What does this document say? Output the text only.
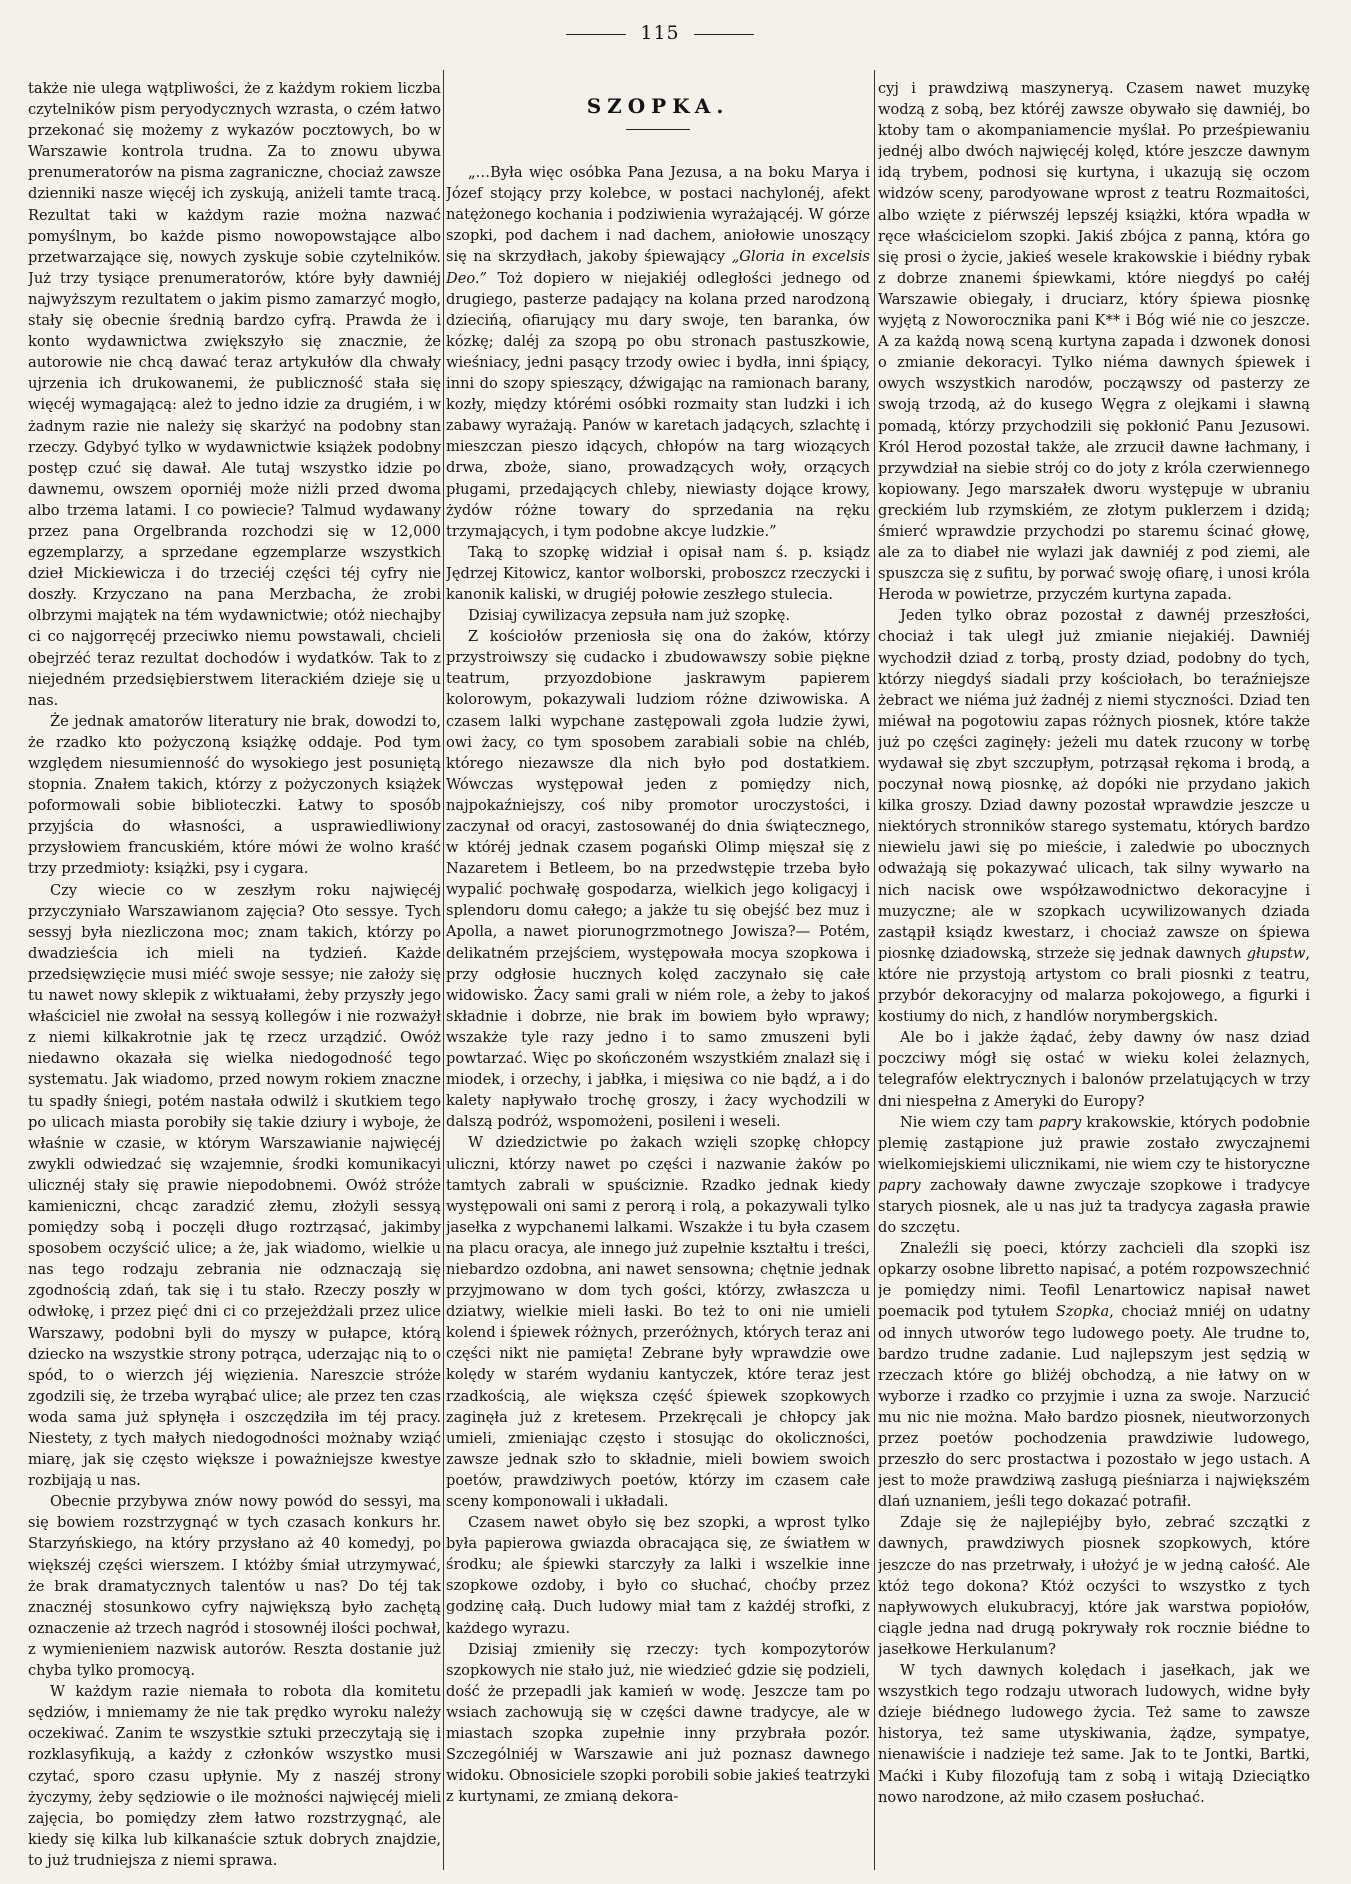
115

także nie ulega wątpliwości, że z każdym rokiem liczba czytelników pism peryodycznych wzrasta, o czém łatwo przekonać się możemy z wykazów pocztowych, bo w Warszawie kontrola trudna. Za to znowu ubywa prenumeratorów na pisma zagraniczne, chociaż zawsze dzienniki nasze więcéj ich zyskują, aniżeli tamte tracą. Rezultat taki w każdym razie można nazwać pomyślnym, bo każde pismo nowopowstające albo przetwarzające się, nowych zyskuje sobie czytelników. Już trzy tysiące prenumeratorów, które były dawniéj najwyższym rezultatem o jakim pismo zamarzyć mogło, stały się obecnie średnią bardzo cyfrą. Prawda że i konto wydawnictwa zwiększyło się znacznie, że autorowie nie chcą dawać teraz artykułów dla chwały ujrzenia ich drukowanemi, że publiczność stała się więcéj wymagającą: ależ to jedno idzie za drugiém, i w żadnym razie nie należy się skarżyć na podobny stan rzeczy. Gdybyć tylko w wydawnictwie książek podobny postęp czuć się dawał. Ale tutaj wszystko idzie po dawnemu, owszem oporniéj może niżli przed dwoma albo trzema latami. I co powiecie? Talmud wydawany przez pana Orgelbranda rozchodzi się w 12,000 egzemplarzy, a sprzedane egzemplarze wszystkich dzieł Mickiewicza i do trzeciéj części téj cyfry nie doszły. Krzyczano na pana Merzbacha, że zrobi olbrzymi majątek na tém wydawnictwie; otóż niechajby ci co najgorręcéj przeciwko niemu powstawali, chcieli obejrzéć teraz rezultat dochodów i wydatków. Tak to z niejedném przedsiębierstwem literackiém dzieje się u nas.

Że jednak amatorów literatury nie brak, dowodzi to, że rzadko kto pożyczoną książkę oddaje. Pod tym względem niesumienność do wysokiego jest posuniętą stopnia. Znałem takich, którzy z pożyczonych książek poformowali sobie biblioteczki. Łatwy to sposób przyjścia do własności, a usprawiedliwiony przysłowiem francuskiém, które mówi że wolno kraść trzy przedmioty: książki, psy i cygara.

Czy wiecie co w zeszłym roku najwięcéj przyczyniało Warszawianom zajęcia? Oto sessye. Tych sessyj była niezliczona moc; znam takich, którzy po dwadzieścia ich mieli na tydzień. Każde przedsięwzięcie musi miéć swoje sessye; nie założy się tu nawet nowy sklepik z wiktuałami, żeby przyszły jego właściciel nie zwołał na sessyą kollegów i nie rozważył z niemi kilkakrotnie jak tę rzecz urządzić. Owóż niedawno okazała się wielka niedogodność tego systematu. Jak wiadomo, przed nowym rokiem znaczne tu spadły śniegi, potém nastała odwilż i skutkiem tego po ulicach miasta porobiły się takie dziury i wyboje, że właśnie w czasie, w którym Warszawianie najwięcéj zwykli odwiedzać się wzajemnie, środki komunikacyi ulicznéj stały się prawie niepodobnemi. Owóż stróże kamieniczni, chcąc zaradzić złemu, złożyli sessyą pomiędzy sobą i poczęli długo roztrząsać, jakimby sposobem oczyścić ulice; a że, jak wiadomo, wielkie u nas tego rodzaju zebrania nie odznaczają się zgodnością zdań, tak się i tu stało. Rzeczy poszły w odwłokę, i przez pięć dni ci co przejeżdżali przez ulice Warszawy, podobni byli do myszy w pułapce, którą dziecko na wszystkie strony potrąca, uderzając nią to o spód, to o wierzch jéj więzienia. Nareszcie stróże zgodzili się, że trzeba wyrąbać ulice; ale przez ten czas woda sama już spłynęła i oszczędziła im téj pracy. Niestety, z tych małych niedogodności możnaby wziąć miarę, jak się często większe i poważniejsze kwestye rozbijają u nas.

Obecnie przybywa znów nowy powód do sessyi, ma się bowiem rozstrzygnąć w tych czasach konkurs hr. Starzyńskiego, na który przysłano aż 40 komedyj, po większéj części wierszem. I któżby śmiał utrzymywać, że brak dramatycznych talentów u nas? Do téj tak znacznéj stosunkowo cyfry największą było zachętą oznaczenie aż trzech nagród i stosownéj ilości pochwał, z wymienieniem nazwisk autorów. Reszta dostanie już chyba tylko promocyą.

W każdym razie niemała to robota dla komitetu sędziów, i mniemamy że nie tak prędko wyroku należy oczekiwać. Zanim te wszystkie sztuki przeczytają się i rozklasyfikują, a każdy z członków wszystko musi czytać, sporo czasu upłynie. My z naszéj strony życzymy, żeby sędziowie o ile możności najwięcéj mieli zajęcia, bo pomiędzy złem łatwo rozstrzygnąć, ale kiedy się kilka lub kilkanaście sztuk dobrych znajdzie, to już trudniejsza z niemi sprawa.

SZOPKA.

„…Była więc osóbka Pana Jezusa, a na boku Marya i Józef stojący przy kolebce, w postaci nachylonéj, afekt natężonego kochania i podziwienia wyrażającéj. W górze szopki, pod dachem i nad dachem, aniołowie unoszący się na skrzydłach, jakoby śpiewający „Gloria in excelsis Deo.” Toż dopiero w niejakiéj odległości jednego od drugiego, pasterze padający na kolana przed narodzoną dziecińą, ofiarujący mu dary swoje, ten baranka, ów kózkę; daléj za szopą po obu stronach pastuszkowie, wieśniacy, jedni pasący trzody owiec i bydła, inni śpiący, inni do szopy spieszący, dźwigając na ramionach barany, kozły, między którémi osóbki rozmaity stan ludzki i ich zabawy wyrażają. Panów w karetach jadących, szlachtę i mieszczan pieszo idących, chłopów na targ wiozących drwa, zboże, siano, prowadzących woły, orzących pługami, przedających chleby, niewiasty dojące krowy, żydów różne towary do sprzedania na ręku trzymających, i tym podobne akcye ludzkie.”

Taką to szopkę widział i opisał nam ś. p. ksiądz Jędrzej Kitowicz, kantor wolborski, proboszcz rzeczycki i kanonik kaliski, w drugiéj połowie zeszłego stulecia.

Dzisiaj cywilizacya zepsuła nam już szopkę.

Z kościołów przeniosła się ona do żaków, którzy przystroiwszy się cudacko i zbudowawszy sobie piękne teatrum, przyozdobione jaskrawym papierem kolorowym, pokazywali ludziom różne dziwowiska. A czasem lalki wypchane zastępowali zgoła ludzie żywi, owi żacy, co tym sposobem zarabiali sobie na chléb, którego niezawsze dla nich było pod dostatkiem. Wówczas występował jeden z pomiędzy nich, najpokaźniejszy, coś niby promotor uroczystości, i zaczynał od oracyi, zastosowanéj do dnia świątecznego, w któréj jednak czasem pogański Olimp mięszał się z Nazaretem i Betleem, bo na przedwstępie trzeba było wypalić pochwałę gospodarza, wielkich jego koligacyj i splendoru domu całego; a jakże tu się obejść bez muz i Apolla, a nawet piorunogrzmotnego Jowisza?— Potém, delikatném przejściem, występowała mocya szopkowa i przy odgłosie hucznych kolęd zaczynało się całe widowisko. Żacy sami grali w niém role, a żeby to jakoś składnie i dobrze, nie brak im bowiem było wprawy; wszakże tyle razy jedno i to samo zmuszeni byli powtarzać. Więc po skończoném wszystkiém znalazł się i miodek, i orzechy, i jabłka, i mięsiwa co nie bądź, a i do kalety napływało trochę groszy, i żacy wychodzili w dalszą podróż, wspomożeni, posileni i weseli.

W dziedzictwie po żakach wzięli szopkę chłopcy uliczni, którzy nawet po części i nazwanie żaków po tamtych zabrali w spuściznie. Rzadko jednak kiedy występowali oni sami z perorą i rolą, a pokazywali tylko jasełka z wypchanemi lalkami. Wszakże i tu była czasem na placu oracya, ale innego już zupełnie kształtu i treści, niebardzo ozdobna, ani nawet sensowna; chętnie jednak przyjmowano w dom tych gości, którzy, zwłaszcza u dziatwy, wielkie mieli łaski. Bo też to oni nie umieli kolend i śpiewek różnych, przeróżnych, których teraz ani części nikt nie pamięta! Zebrane były wprawdzie owe kolędy w starém wydaniu kantyczek, które teraz jest rzadkością, ale większa część śpiewek szopkowych zaginęła już z kretesem. Przekręcali je chłopcy jak umieli, zmieniając często i stosując do okoliczności, zawsze jednak szło to składnie, mieli bowiem swoich poetów, prawdziwych poetów, którzy im czasem całe sceny komponowali i układali.

Czasem nawet obyło się bez szopki, a wprost tylko była papierowa gwiazda obracająca się, ze światłem w środku; ale śpiewki starczyły za lalki i wszelkie inne szopkowe ozdoby, i było co słuchać, choćby przez godzinę całą. Duch ludowy miał tam z każdéj strofki, z każdego wyrazu.

Dzisiaj zmieniły się rzeczy: tych kompozytorów szopkowych nie stało już, nie wiedzieć gdzie się podzieli, dość że przepadli jak kamień w wodę. Jeszcze tam po wsiach zachowują się w części dawne tradycye, ale w miastach szopka zupełnie inny przybrała pozór. Szczególniéj w Warszawie ani już poznasz dawnego widoku. Obnosiciele szopki porobili sobie jakieś teatrzyki z kurtynami, ze zmianą dekora-

cyj i prawdziwą maszyneryą. Czasem nawet muzykę wodzą z sobą, bez któréj zawsze obywało się dawniéj, bo ktoby tam o akompaniamencie myślał. Po prześpiewaniu jednéj albo dwóch najwięcéj kolęd, które jeszcze dawnym idą trybem, podnosi się kurtyna, i ukazują się oczom widzów sceny, parodyowane wprost z teatru Rozmaitości, albo wzięte z piérwszéj lepszéj książki, która wpadła w ręce właścicielom szopki. Jakiś zbójca z panną, która go się prosi o życie, jakieś wesele krakowskie i biédny rybak z dobrze znanemi śpiewkami, które niegdyś po całéj Warszawie obiegały, i druciarz, który śpiewa piosnkę wyjętą z Noworocznika pani K** i Bóg wié nie co jeszcze. A za każdą nową sceną kurtyna zapada i dzwonek donosi o zmianie dekoracyi. Tylko niéma dawnych śpiewek i owych wszystkich narodów, począwszy od pasterzy ze swoją trzodą, aż do kusego Węgra z olejkami i sławną pomadą, którzy przychodzili się pokłonić Panu Jezusowi. Król Herod pozostał także, ale zrzucił dawne łachmany, i przywdział na siebie strój co do joty z króla czerwiennego kopiowany. Jego marszałek dworu występuje w ubraniu greckiém lub rzymskiém, ze złotym puklerzem i dzidą; śmierć wprawdzie przychodzi po staremu ścinać głowę, ale za to diabeł nie wylazi jak dawniéj z pod ziemi, ale spuszcza się z sufitu, by porwać swoję ofiarę, i unosi króla Heroda w powietrze, przyczém kurtyna zapada.

Jeden tylko obraz pozostał z dawnéj przeszłości, chociaż i tak uległ już zmianie niejakiéj. Dawniéj wychodził dziad z torbą, prosty dziad, podobny do tych, którzy niegdyś siadali przy kościołach, bo teraźniejsze żebract we niéma już żadnéj z niemi styczności. Dziad ten miéwał na pogotowiu zapas różnych piosnek, które także już po części zaginęły: jeżeli mu datek rzucony w torbę wydawał się zbyt szczupłym, potrząsał rękoma i brodą, a poczynał nową piosnkę, aż dopóki nie przydano jakich kilka groszy. Dziad dawny pozostał wprawdzie jeszcze u niektórych stronników starego systematu, których bardzo niewielu jawi się po mieście, i zaledwie po ubocznych odważają się pokazywać ulicach, tak silny wywarło na nich nacisk owe współzawodnictwo dekoracyjne i muzyczne; ale w szopkach ucywilizowanych dziada zastąpił ksiądz kwestarz, i chociaż zawsze on śpiewa piosnkę dziadowską, strzeże się jednak dawnych głupstw, które nie przystoją artystom co brali piosnki z teatru, przybór dekoracyjny od malarza pokojowego, a figurki i kostiumy do nich, z handlów norymbergskich.

Ale bo i jakże żądać, żeby dawny ów nasz dziad poczciwy mógł się ostać w wieku kolei żelaznych, telegrafów elektrycznych i balonów przelatujących w trzy dni niespełna z Ameryki do Europy?

Nie wiem czy tam papry krakowskie, których podobnie plemię zastąpione już prawie zostało zwyczajnemi wielkomiejskiemi ulicznikami, nie wiem czy te historyczne papry zachowały dawne zwyczaje szopkowe i tradycye starych piosnek, ale u nas już ta tradycya zagasła prawie do szczętu.

Znaleźli się poeci, którzy zachcieli dla szopki isz opkarzy osobne libretto napisać, a potém rozpowszechnić je pomiędzy nimi. Teofil Lenartowicz napisał nawet poemacik pod tytułem Szopka, chociaż mniéj on udatny od innych utworów tego ludowego poety. Ale trudne to, bardzo trudne zadanie. Lud najlepszym jest sędzią w rzeczach które go bliżéj obchodzą, a nie łatwy on w wyborze i rzadko co przyjmie i uzna za swoje. Narzucić mu nic nie można. Mało bardzo piosnek, nieutworzonych przez poetów pochodzenia prawdziwie ludowego, przeszło do serc prostactwa i pozostało w jego ustach. A jest to może prawdziwą zasługą pieśniarza i największém dlań uznaniem, jeśli tego dokazać potrafił.

Zdaje się że najlepiéjby było, zebrać szczątki z dawnych, prawdziwych piosnek szopkowych, które jeszcze do nas przetrwały, i ułożyć je w jedną całość. Ale któż tego dokona? Któż oczyści to wszystko z tych napływowych elukubracyj, które jak warstwa popiołów, ciągle jedna nad drugą pokrywały rok rocznie biédne to jasełkowe Herkulanum?

W tych dawnych kolędach i jasełkach, jak we wszystkich tego rodzaju utworach ludowych, widne były dzieje biédnego ludowego życia. Też same to zawsze historya, też same utyskiwania, żądze, sympatye, nienawiście i nadzieje też same. Jak to te Jontki, Bartki, Maćki i Kuby filozofują tam z sobą i witają Dzieciątko nowo narodzone, aż miło czasem posłuchać.
